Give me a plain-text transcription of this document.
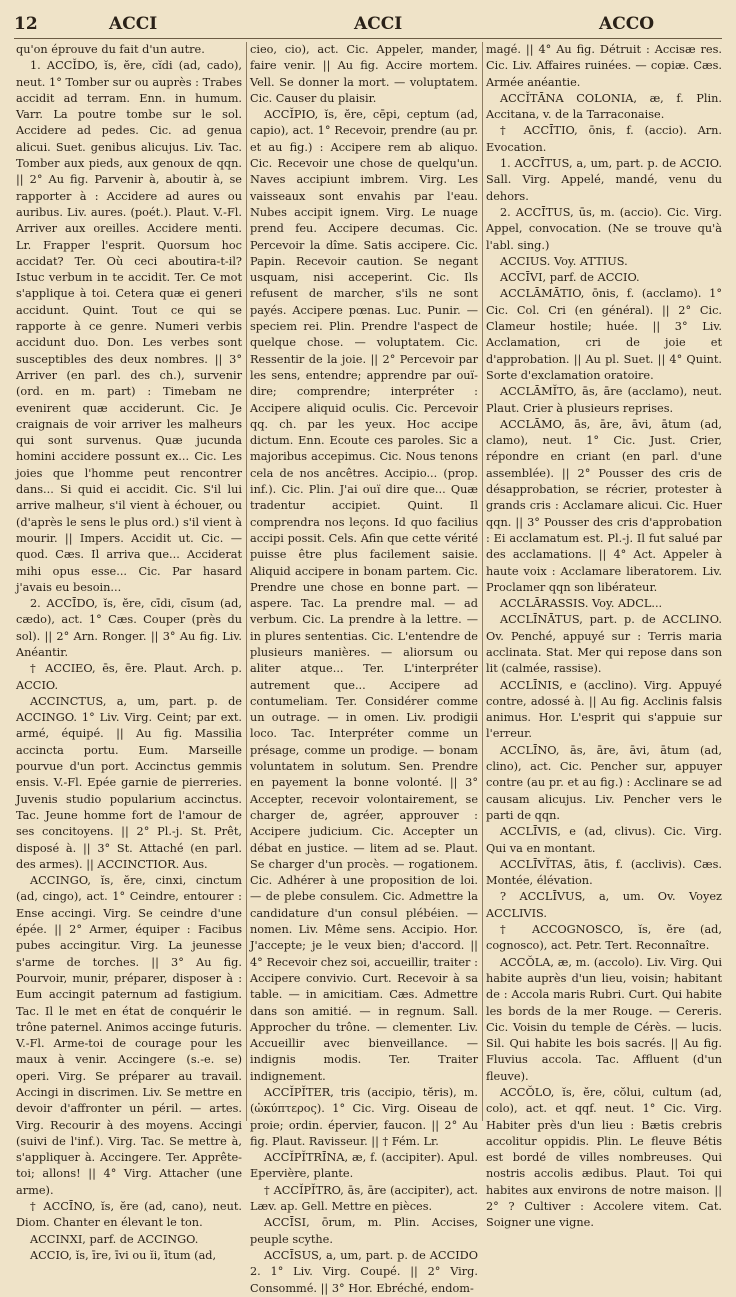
12	ACCI	ACCI	ACCO

qu'on éprouve du fait d'un autre.

1. ACCĬDO, ĭs, ĕre, cĭdi (ad, cado), neut. 1° Tomber sur ou auprès : Trabes accidit ad terram. Enn. in humum. Varr. La poutre tombe sur le sol. Accidere ad pedes. Cic. ad genua alicui. Suet. genibus alicujus. Liv. Tac. Tomber aux pieds, aux genoux de qqn. || 2° Au fig. Parvenir à, aboutir à, se rapporter à : Accidere ad aures ou auribus. Liv. aures. (poét.). Plaut. V.-Fl. Arriver aux oreilles. Accidere menti. Lr. Frapper l'esprit. Quorsum hoc accidat? Ter. Où ceci aboutira-t-il? Istuc verbum in te accidit. Ter. Ce mot s'applique à toi. Cetera quæ ei generi accidunt. Quint. Tout ce qui se rapporte à ce genre. Numeri verbis accidunt duo. Don. Les verbes sont susceptibles des deux nombres. || 3° Arriver (en parl. des ch.), survenir (ord. en m. part) : Timebam ne evenirent quæ acciderunt. Cic. Je craignais de voir arriver les malheurs qui sont survenus. Quæ jucunda homini accidere possunt ex... Cic. Les joies que l'homme peut rencontrer dans... Si quid ei accidit. Cic. S'il lui arrive malheur, s'il vient à échouer, ou (d'après le sens le plus ord.) s'il vient à mourir. || Impers. Accidit ut. Cic. — quod. Cæs. Il arriva que... Acciderat mihi opus esse... Cic. Par hasard j'avais eu besoin...

2. ACCĪDO, ĭs, ĕre, cīdi, cīsum (ad, cædo), act. 1° Cæs. Couper (près du sol). || 2° Arn. Ronger. || 3° Au fig. Liv. Anéantir.

† ACCIEO, ēs, ēre. Plaut. Arch. p. ACCIO.

ACCINCTUS, a, um, part. p. de ACCINGO. 1° Liv. Virg. Ceint; par ext. armé, équipé. || Au fig. Massilia accincta portu. Eum. Marseille pourvue d'un port. Accinctus gemmis ensis. V.-Fl. Epée garnie de pierreries. Juvenis studio popularium accinctus. Tac. Jeune homme fort de l'amour de ses concitoyens. || 2° Pl.-j. St. Prêt, disposé à. || 3° St. Attaché (en parl. des armes). || ACCINCTIOR. Aus.

ACCINGO, ĭs, ĕre, cinxi, cinctum (ad, cingo), act. 1° Ceindre, entourer : Ense accingi. Virg. Se ceindre d'une épée. || 2° Armer, équiper : Facibus pubes accingitur. Virg. La jeunesse s'arme de torches. || 3° Au fig. Pourvoir, munir, préparer, disposer à : Eum accingit paternum ad fastigium. Tac. Il le met en état de conquérir le trône paternel. Animos accinge futuris. V.-Fl. Arme-toi de courage pour les maux à venir. Accingere (s.-e. se) operi. Virg. Se préparer au travail. Accingi in discrimen. Liv. Se mettre en devoir d'affronter un péril. — artes. Virg. Recourir à des moyens. Accingi (suivi de l'inf.). Virg. Tac. Se mettre à, s'appliquer à. Accingere. Ter. Apprête-toi; allons! || 4° Virg. Attacher (une arme).

† ACCĪNO, ĭs, ĕre (ad, cano), neut. Diom. Chanter en élevant le ton.

ACCINXI, parf. de ACCINGO.

ACCIO, ĭs, īre, īvi ou ĭi, ītum (ad,

cieo, cio), act. Cic. Appeler, mander, faire venir. || Au fig. Accire mortem. Vell. Se donner la mort. — voluptatem. Cic. Causer du plaisir.

ACCĬPIO, ĭs, ĕre, cēpi, ceptum (ad, capio), act. 1° Recevoir, prendre (au pr. et au fig.) : Accipere rem ab aliquo. Cic. Recevoir une chose de quelqu'un. Naves accipiunt imbrem. Virg. Les vaisseaux sont envahis par l'eau. Nubes accipit ignem. Virg. Le nuage prend feu. Accipere decumas. Cic. Percevoir la dîme. Satis accipere. Cic. Papin. Recevoir caution. Se negant usquam, nisi acceperint. Cic. Ils refusent de marcher, s'ils ne sont payés. Accipere pœnas. Luc. Punir. — speciem rei. Plin. Prendre l'aspect de quelque chose. — voluptatem. Cic. Ressentir de la joie. || 2° Percevoir par les sens, entendre; apprendre par ouï-dire; comprendre; interpréter : Accipere aliquid oculis. Cic. Percevoir qq. ch. par les yeux. Hoc accipe dictum. Enn. Ecoute ces paroles. Sic a majoribus accepimus. Cic. Nous tenons cela de nos ancêtres. Accipio... (prop. inf.). Cic. Plin. J'ai ouï dire que... Quæ tradentur accipiet. Quint. Il comprendra nos leçons. Id quo facilius accipi possit. Cels. Afin que cette vérité puisse être plus facilement saisie. Aliquid accipere in bonam partem. Cic. Prendre une chose en bonne part. — aspere. Tac. La prendre mal. — ad verbum. Cic. La prendre à la lettre. — in plures sententias. Cic. L'entendre de plusieurs manières. — aliorsum ou aliter atque... Ter. L'interpréter autrement que... Accipere ad contumeliam. Ter. Considérer comme un outrage. — in omen. Liv. prodigii loco. Tac. Interpréter comme un présage, comme un prodige. — bonam voluntatem in solutum. Sen. Prendre en payement la bonne volonté. || 3° Accepter, recevoir volontairement, se charger de, agréer, approuver : Accipere judicium. Cic. Accepter un débat en justice. — litem ad se. Plaut. Se charger d'un procès. — rogationem. Cic. Adhérer à une proposition de loi. — de plebe consulem. Cic. Admettre la candidature d'un consul plébéien. — nomen. Liv. Même sens. Accipio. Hor. J'accepte; je le veux bien; d'accord. || 4° Recevoir chez soi, accueillir, traiter : Accipere convivio. Curt. Recevoir à sa table. — in amicitiam. Cæs. Admettre dans son amitié. — in regnum. Sall. Approcher du trône. — clementer. Liv. Accueillir avec bienveillance. — indignis modis. Ter. Traiter indignement.

ACCĬPĬTER, tris (accipio, tĕris), m. (ὠκύπτερος). 1° Cic. Virg. Oiseau de proie; ordin. épervier, faucon. || 2° Au fig. Plaut. Ravisseur. || † Fém. Lr.

ACCĬPĬTRĪNA, æ, f. (accipiter). Apul. Epervière, plante.

† ACCĬPĬTRO, ās, āre (accipiter), act. Læv. ap. Gell. Mettre en pièces.

ACCĪSI, ōrum, m. Plin. Accises, peuple scythe.

ACCĪSUS, a, um, part. p. de ACCIDO 2. 1° Liv. Virg. Coupé. || 2° Virg. Consommé. || 3° Hor. Ebréché, endom-

magé. || 4° Au fig. Détruit : Accisæ res. Cic. Liv. Affaires ruinées. — copiæ. Cæs. Armée anéantie.

ACCĬTĀNA COLONIA, æ, f. Plin. Accitana, v. de la Tarraconaise.

† ACCĪTIO, ōnis, f. (accio). Arn. Evocation.

1. ACCĪTUS, a, um, part. p. de ACCIO. Sall. Virg. Appelé, mandé, venu du dehors.

2. ACCĪTUS, ūs, m. (accio). Cic. Virg. Appel, convocation. (Ne se trouve qu'à l'abl. sing.)

ACCIUS. Voy. ATTIUS.

ACCĪVI, parf. de ACCIO.

ACCLĀMĀTIO, ōnis, f. (acclamo). 1° Cic. Col. Cri (en général). || 2° Cic. Clameur hostile; huée. || 3° Liv. Acclamation, cri de joie et d'approbation. || Au pl. Suet. || 4° Quint. Sorte d'exclamation oratoire.

ACCLĀMĬTO, ās, āre (acclamo), neut. Plaut. Crier à plusieurs reprises.

ACCLĀMO, ās, āre, āvi, ātum (ad, clamo), neut. 1° Cic. Just. Crier, répondre en criant (en parl. d'une assemblée). || 2° Pousser des cris de désapprobation, se récrier, protester à grands cris : Acclamare alicui. Cic. Huer qqn. || 3° Pousser des cris d'approbation : Ei acclamatum est. Pl.-j. Il fut salué par des acclamations. || 4° Act. Appeler à haute voix : Acclamare liberatorem. Liv. Proclamer qqn son libérateur.

ACCLĀRASSIS. Voy. ADCL...

ACCLĪNĀTUS, part. p. de ACCLINO. Ov. Penché, appuyé sur : Terris maria acclinata. Stat. Mer qui repose dans son lit (calmée, rassise).

ACCLĪNIS, e (acclino). Virg. Appuyé contre, adossé à. || Au fig. Acclinis falsis animus. Hor. L'esprit qui s'appuie sur l'erreur.

ACCLĪNO, ās, āre, āvi, ātum (ad, clino), act. Cic. Pencher sur, appuyer contre (au pr. et au fig.) : Acclinare se ad causam alicujus. Liv. Pencher vers le parti de qqn.

ACCLĪVIS, e (ad, clivus). Cic. Virg. Qui va en montant.

ACCLĪVĬTAS, ātis, f. (acclivis). Cæs. Montée, élévation.

? ACCLĪVUS, a, um. Ov. Voyez ACCLIVIS.

† ACCOGNOSCO, ĭs, ĕre (ad, cognosco), act. Petr. Tert. Reconnaître.

ACCŎLA, æ, m. (accolo). Liv. Virg. Qui habite auprès d'un lieu, voisin; habitant de : Accola maris Rubri. Curt. Qui habite les bords de la mer Rouge. — Cereris. Cic. Voisin du temple de Cérès. — lucis. Sil. Qui habite les bois sacrés. || Au fig. Fluvius accola. Tac. Affluent (d'un fleuve).

ACCŎLO, ĭs, ĕre, cŏlui, cultum (ad, colo), act. et qqf. neut. 1° Cic. Virg. Habiter près d'un lieu : Bætis crebris accolitur oppidis. Plin. Le fleuve Bétis est bordé de villes nombreuses. Qui nostris accolis ædibus. Plaut. Toi qui habites aux environs de notre maison. || 2° ? Cultiver : Accolere vitem. Cat. Soigner une vigne.
